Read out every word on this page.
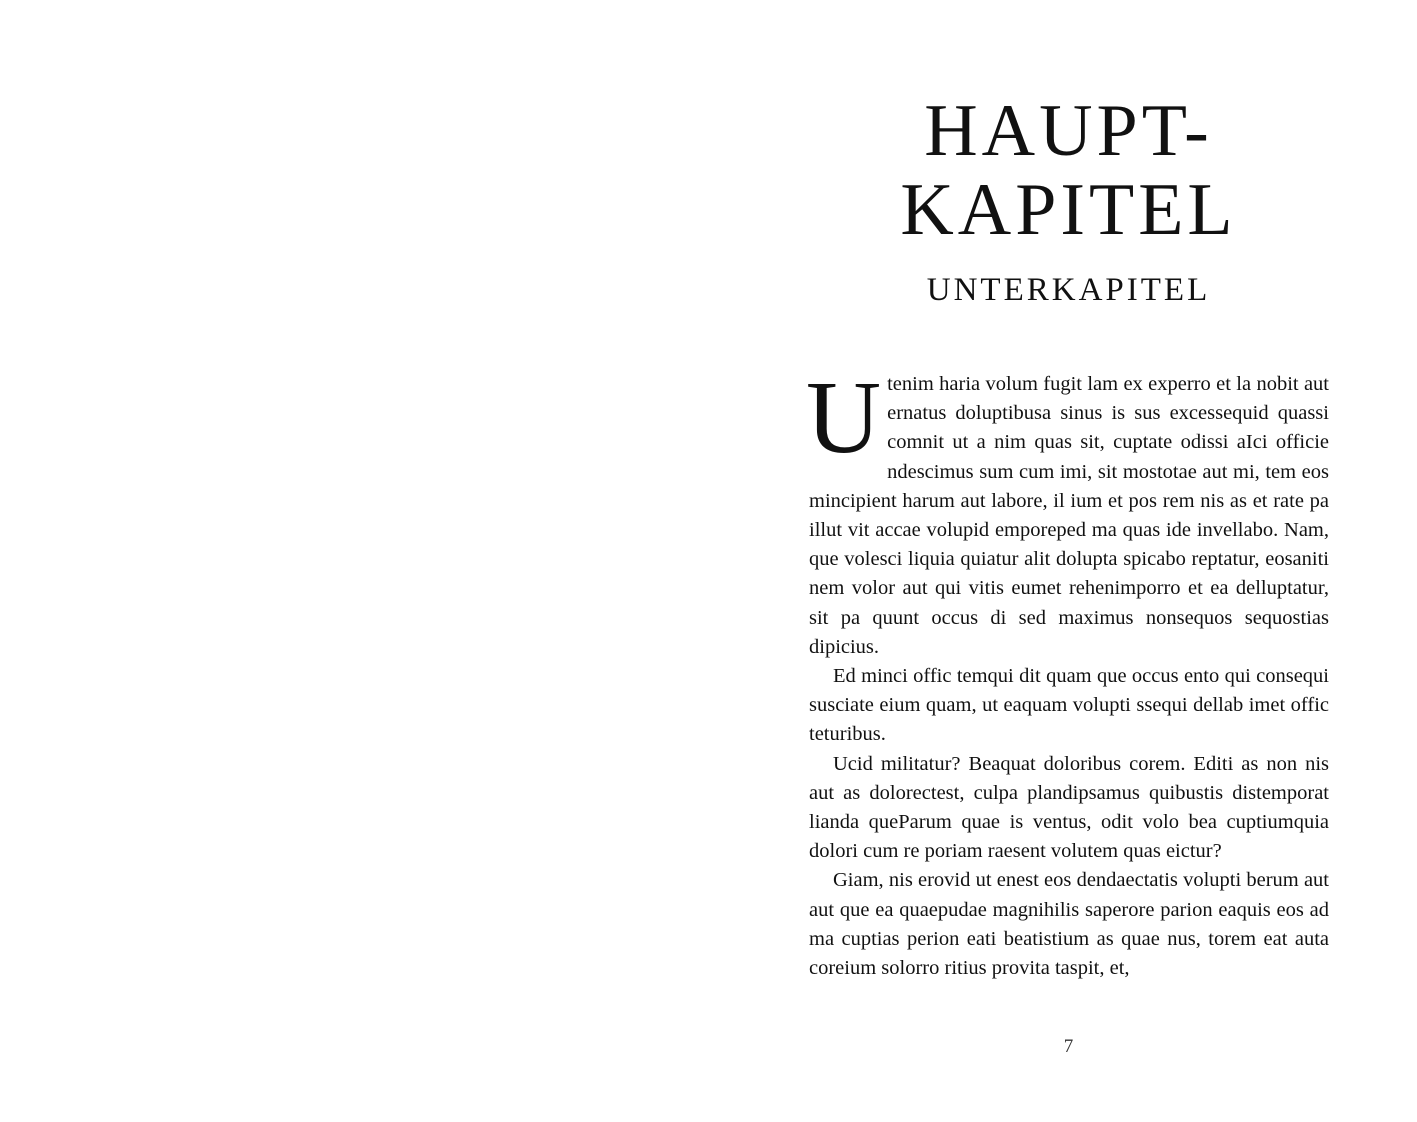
HAUPT-
KAPITEL
UNTERKAPITEL

Utenim haria volum fugit lam ex experro et la nobit aut ernatus doluptibusa sinus is sus excessequid quassi comnit ut a nim quas sit, cuptate odissi aIci officie ndescimus sum cum imi, sit mostotae aut mi, tem eos mincipient harum aut labore, il ium et pos rem nis as et rate pa illut vit accae volupid emporeped ma quas ide invellabo. Nam, que volesci liquia quiatur alit dolupta spicabo reptatur, eosaniti nem volor aut qui vitis eumet rehenimporro et ea delluptatur, sit pa quunt occus di sed maximus nonsequos sequostias dipicius.

Ed minci offic temqui dit quam que occus ento qui consequi susciate eium quam, ut eaquam volupti ssequi dellab imet offic teturibus.

Ucid militatur? Beaquat doloribus corem. Editi as non nis aut as dolorectest, culpa plandipsamus quibustis distemporat lianda queParum quae is ventus, odit volo bea cuptiumquia dolori cum re poriam raesent volutem quas eictur?

Giam, nis erovid ut enest eos dendaectatis volupti berum aut aut que ea quaepudae magnihilis saperore parion eaquis eos ad ma cuptias perion eati beatistium as quae nus, torem eat auta coreium solorro ritius provita taspit, et,

7
